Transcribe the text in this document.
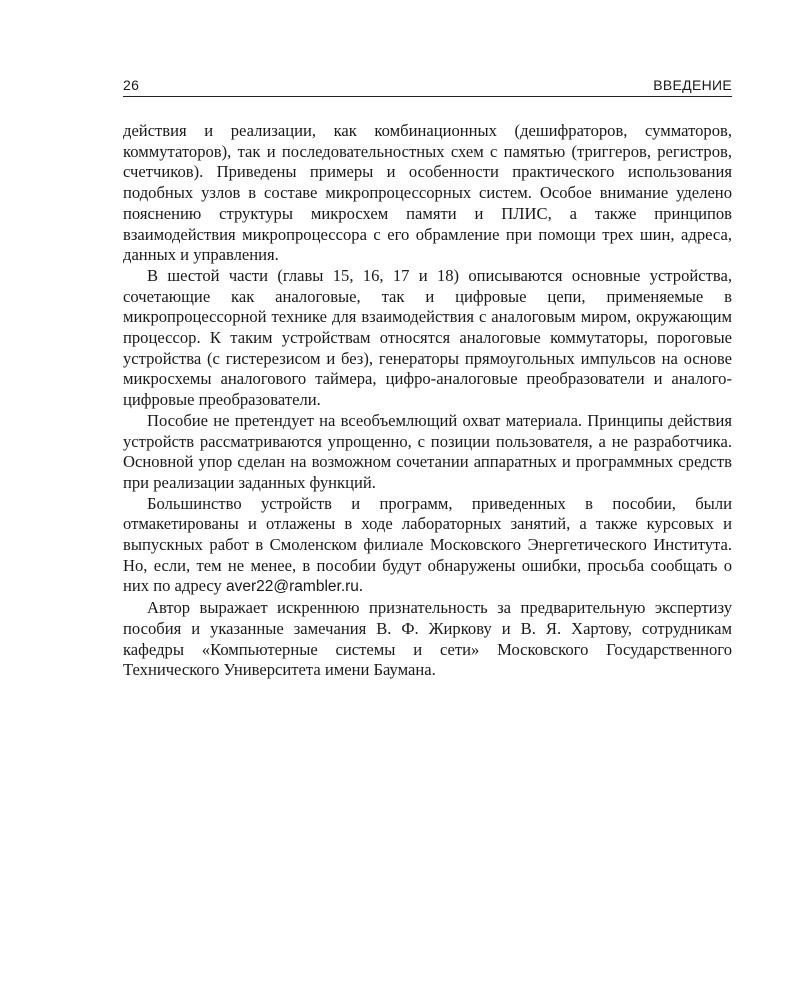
26	ВВЕДЕНИЕ

действия и реализации, как комбинационных (дешифраторов, сумматоров, коммутаторов), так и последовательностных схем с памятью (триггеров, регистров, счетчиков). Приведены примеры и особенности практического использования подобных узлов в составе микропроцессорных систем. Особое внимание уделено пояснению структуры микросхем памяти и ПЛИС, а также принципов взаимодействия микропроцессора с его обрамление при помощи трех шин, адреса, данных и управления.

В шестой части (главы 15, 16, 17 и 18) описываются основные устройства, сочетающие как аналоговые, так и цифровые цепи, применяемые в микропроцессорной технике для взаимодействия с аналоговым миром, окружающим процессор. К таким устройствам относятся аналоговые коммутаторы, пороговые устройства (с гистерезисом и без), генераторы прямоугольных импульсов на основе микросхемы аналогового таймера, цифро-аналоговые преобразователи и аналого-цифровые преобразователи.

Пособие не претендует на всеобъемлющий охват материала. Принципы действия устройств рассматриваются упрощенно, с позиции пользователя, а не разработчика. Основной упор сделан на возможном сочетании аппаратных и программных средств при реализации заданных функций.

Большинство устройств и программ, приведенных в пособии, были отмакетированы и отлажены в ходе лабораторных занятий, а также курсовых и выпускных работ в Смоленском филиале Московского Энергетического Института. Но, если, тем не менее, в пособии будут обнаружены ошибки, просьба сообщать о них по адресу aver22@rambler.ru.

Автор выражает искреннюю признательность за предварительную экспертизу пособия и указанные замечания В. Ф. Жиркову и В. Я. Хартову, сотрудникам кафедры «Компьютерные системы и сети» Московского Государственного Технического Университета имени Баумана.
